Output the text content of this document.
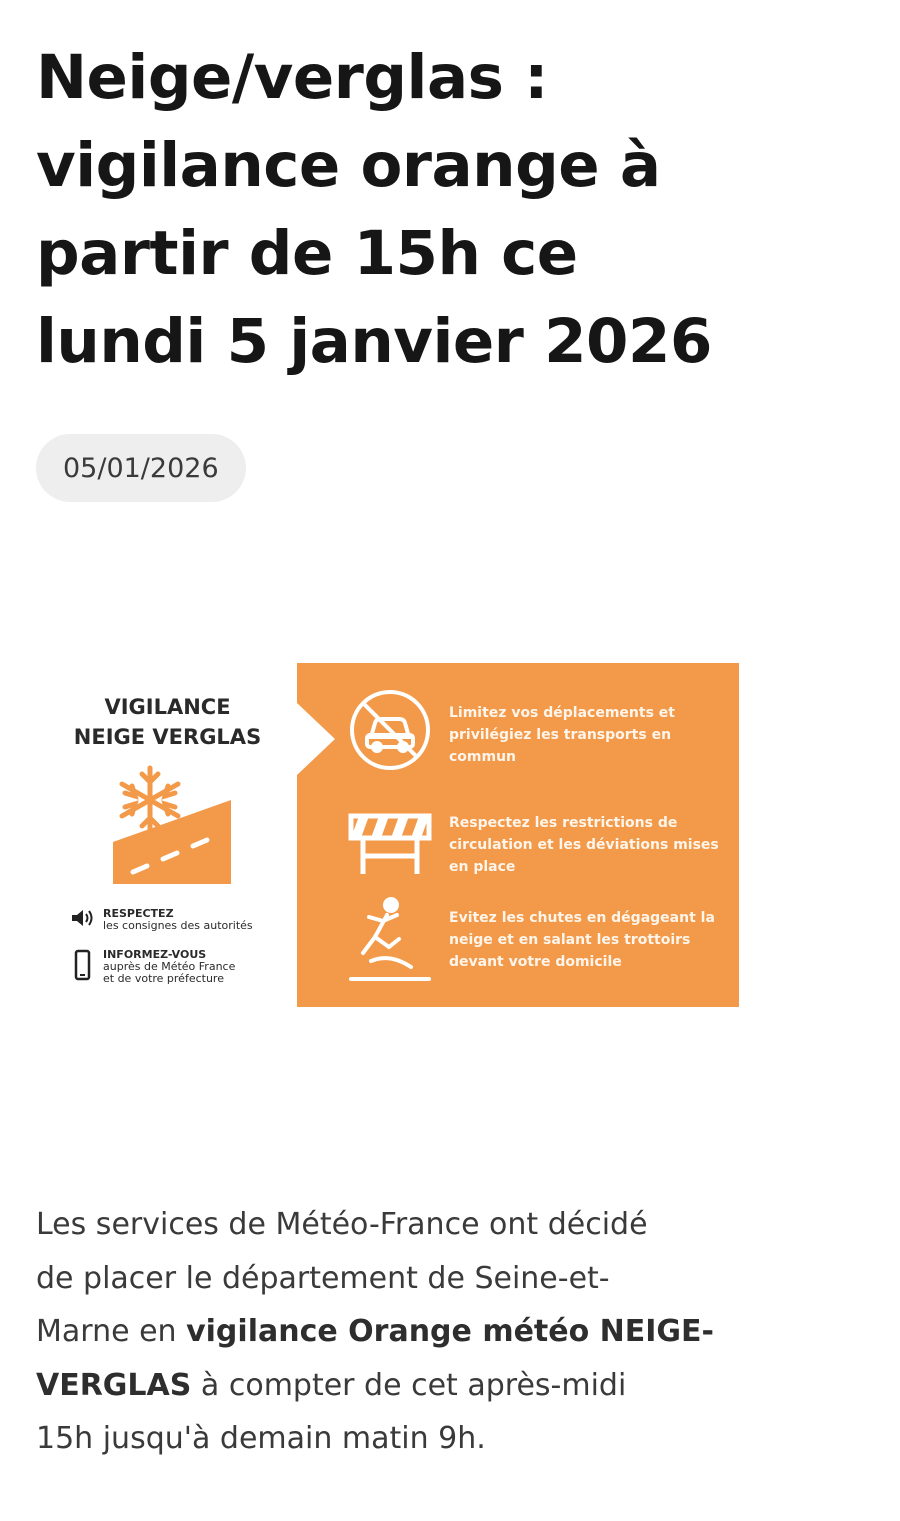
Neige/verglas :
vigilance orange à
partir de 15h ce
lundi 5 janvier 2026
05/01/2026
VIGILANCE
NEIGE VERGLAS
RESPECTEZ
les consignes des autorités
INFORMEZ-VOUS
auprès de Météo France
et de votre préfecture
Limitez vos déplacements et
privilégiez les transports en
commun
Respectez les restrictions de
circulation et les déviations mises
en place
Evitez les chutes en dégageant la
neige et en salant les trottoirs
devant votre domicile

Les services de Météo-France ont décidé
de placer le département de Seine-et-
Marne en vigilance Orange météo NEIGE-
VERGLAS à compter de cet après-midi
15h jusqu'à demain matin 9h.
